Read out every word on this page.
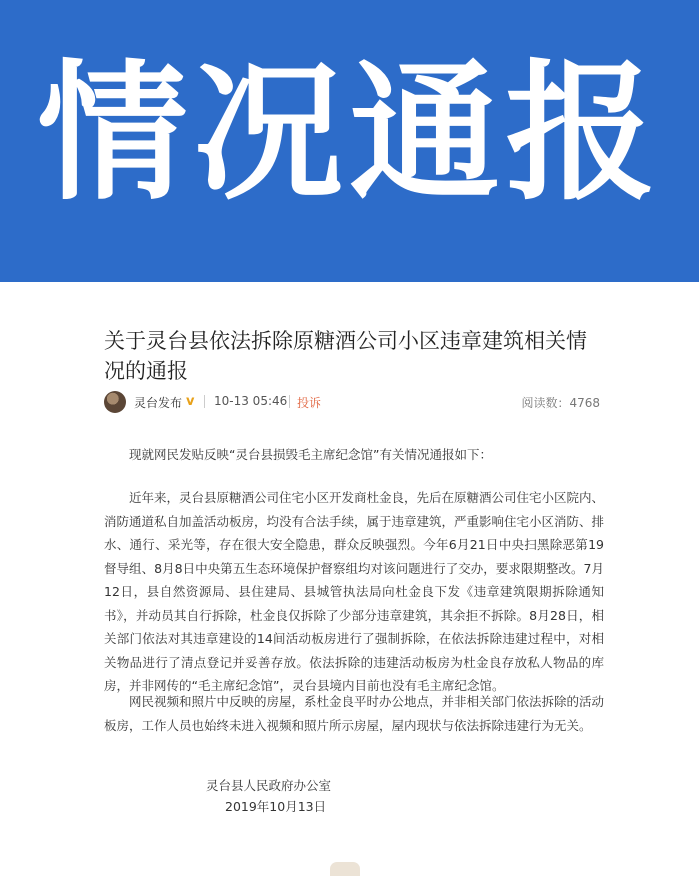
情况通报
关于灵台县依法拆除原糖酒公司小区违章建筑相关情况的通报
灵台发布 v 10-13 05:46 投诉	阅读数：4768

现就网民发贴反映“灵台县损毁毛主席纪念馆”有关情况通报如下：

近年来，灵台县原糖酒公司住宅小区开发商杜金良，先后在原糖酒公司住宅小区院内、消防通道私自加盖活动板房，均没有合法手续，属于违章建筑，严重影响住宅小区消防、排水、通行、采光等，存在很大安全隐患，群众反映强烈。今年6月21日中央扫黑除恶第19督导组、8月8日中央第五生态环境保护督察组均对该问题进行了交办，要求限期整改。7月12日，县自然资源局、县住建局、县城管执法局向杜金良下发《违章建筑限期拆除通知书》，并动员其自行拆除，杜金良仅拆除了少部分违章建筑，其余拒不拆除。8月28日，相关部门依法对其违章建设的14间活动板房进行了强制拆除，在依法拆除违建过程中，对相关物品进行了清点登记并妥善存放。依法拆除的违建活动板房为杜金良存放私人物品的库房，并非网传的“毛主席纪念馆”，灵台县境内目前也没有毛主席纪念馆。

网民视频和照片中反映的房屋，系杜金良平时办公地点，并非相关部门依法拆除的活动板房，工作人员也始终未进入视频和照片所示房屋，屋内现状与依法拆除违建行为无关。

灵台县人民政府办公室
2019年10月13日
